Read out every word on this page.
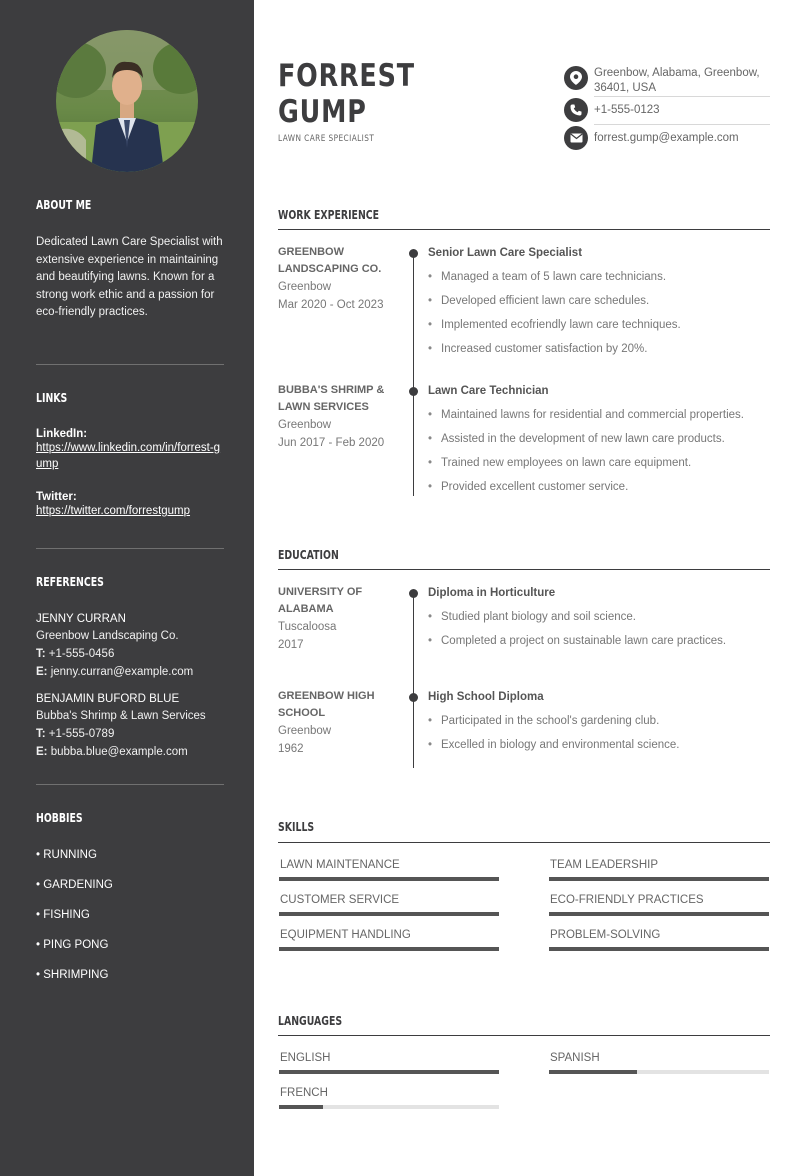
ABOUT ME
Dedicated Lawn Care Specialist with extensive experience in maintaining and beautifying lawns. Known for a strong work ethic and a passion for eco-friendly practices.
LINKS
LinkedIn:
https://www.linkedin.com/in/forrest-gump
Twitter:
https://twitter.com/forrestgump
REFERENCES
JENNY CURRAN
Greenbow Landscaping Co.
T: +1-555-0456
E: jenny.curran@example.com
BENJAMIN BUFORD BLUE
Bubba's Shrimp & Lawn Services
T: +1-555-0789
E: bubba.blue@example.com
HOBBIES
• RUNNING
• GARDENING
• FISHING
• PING PONG
• SHRIMPING
FORREST
GUMP
LAWN CARE SPECIALIST
Greenbow, Alabama, Greenbow, 36401, USA
+1-555-0123
forrest.gump@example.com
WORK EXPERIENCE
GREENBOW LANDSCAPING CO.
Greenbow
Mar 2020 - Oct 2023
Senior Lawn Care Specialist
• Managed a team of 5 lawn care technicians.
• Developed efficient lawn care schedules.
• Implemented ecofriendly lawn care techniques.
• Increased customer satisfaction by 20%.
BUBBA'S SHRIMP & LAWN SERVICES
Greenbow
Jun 2017 - Feb 2020
Lawn Care Technician
• Maintained lawns for residential and commercial properties.
• Assisted in the development of new lawn care products.
• Trained new employees on lawn care equipment.
• Provided excellent customer service.
EDUCATION
UNIVERSITY OF ALABAMA
Tuscaloosa
2017
Diploma in Horticulture
• Studied plant biology and soil science.
• Completed a project on sustainable lawn care practices.
GREENBOW HIGH SCHOOL
Greenbow
1962
High School Diploma
• Participated in the school's gardening club.
• Excelled in biology and environmental science.
SKILLS
LAWN MAINTENANCE	TEAM LEADERSHIP
CUSTOMER SERVICE	ECO-FRIENDLY PRACTICES
EQUIPMENT HANDLING	PROBLEM-SOLVING
LANGUAGES
ENGLISH	SPANISH
FRENCH
